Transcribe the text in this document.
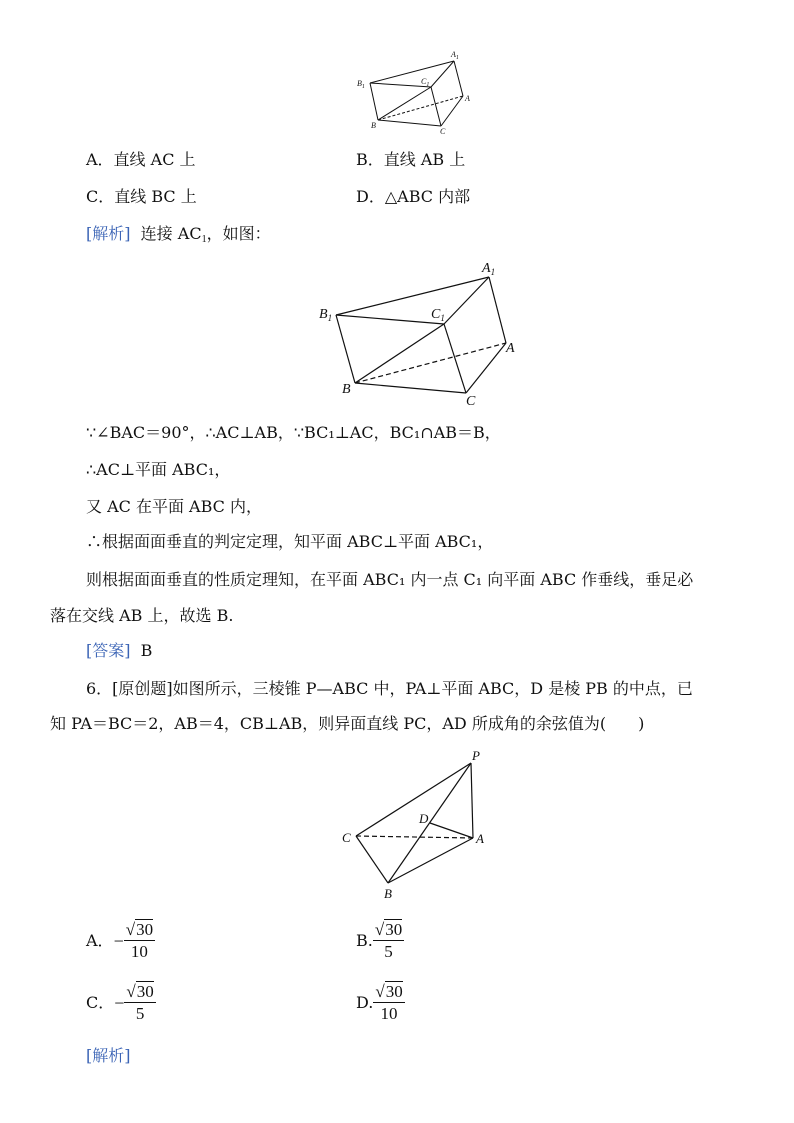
$A_1$
$C_1$
$B_1$
A
B
C
A．直线 AC 上	B．直线 AB 上
C．直线 BC 上	D．△ABC 内部
[解析] 连接 $AC_1$，如图：
$A_1$
$C_1$
$B_1$
A
B
C
∵∠BAC＝90°，∴AC⊥AB，∵BC₁⊥AC，BC₁∩AB＝B，
∴AC⊥平面 ABC₁，
又 AC 在平面 ABC 内，
∴根据面面垂直的判定定理，知平面 ABC⊥平面 ABC₁，
则根据面面垂直的性质定理知，在平面 ABC₁ 内一点 C₁ 向平面 ABC 作垂线，垂足必
落在交线 AB 上，故选 B.
[答案] B
6．[原创题]如图所示，三棱锥 P—ABC 中，PA⊥平面 ABC，D 是棱 PB 的中点，已
知 PA＝BC＝2，AB＝4，CB⊥AB，则异面直线 PC，AD 所成角的余弦值为(　　)
P
D
C	A
B
A．− $\frac{√30}{10}$	B. $\frac{√30}{5}$
C．− $\frac{√30}{5}$	D. $\frac{√30}{10}$
[解析]
